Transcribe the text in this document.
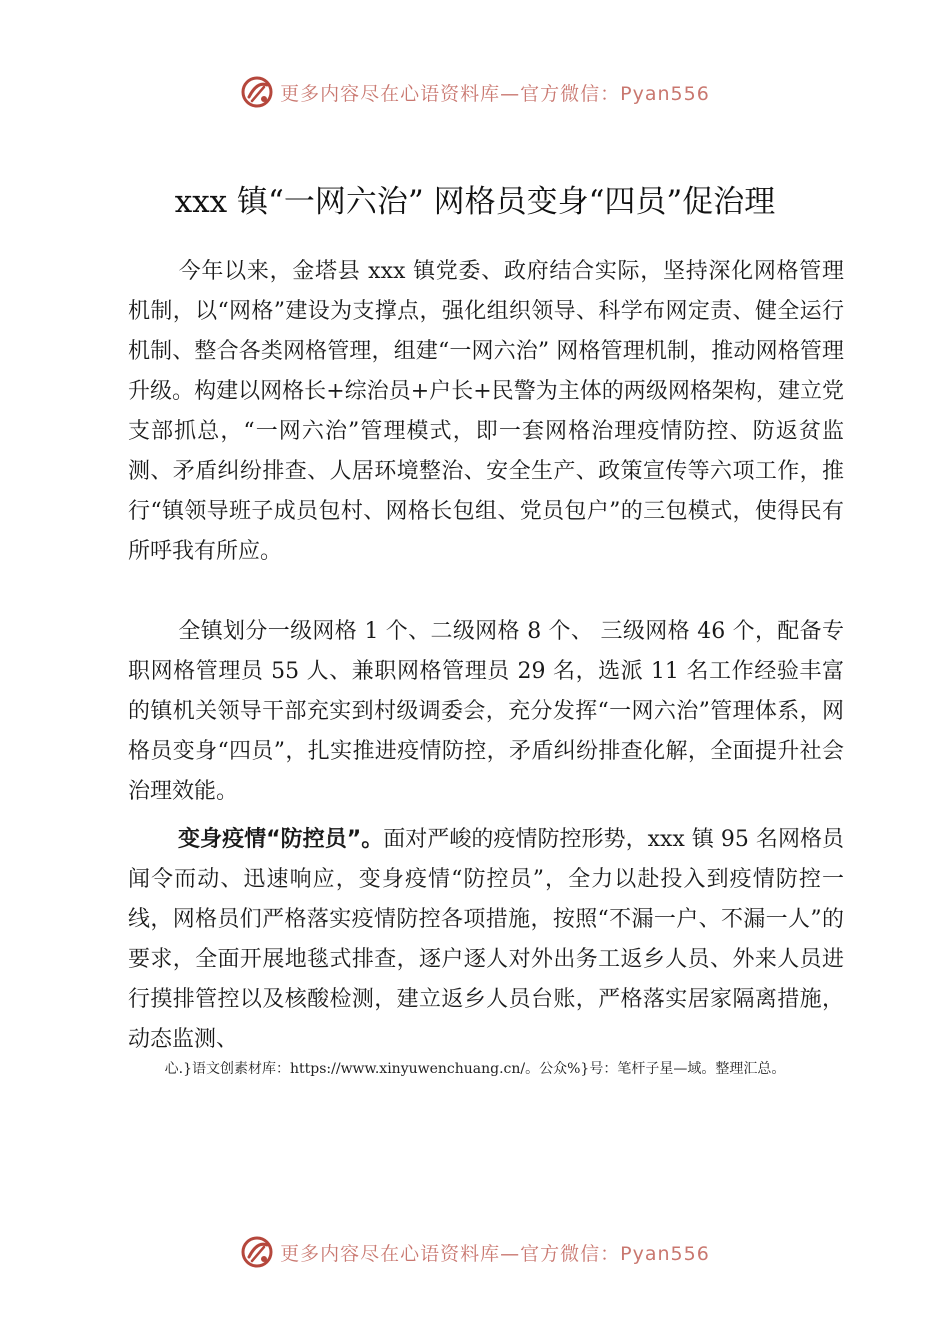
更多内容尽在心语资料库—官方微信：Pyan556
xxx 镇“一网六治” 网格员变身“四员”促治理

今年以来，金塔县 xxx 镇党委、政府结合实际，坚持深化网格管理机制，以“网格”建设为支撑点，强化组织领导、科学布网定责、健全运行机制、整合各类网格管理，组建“一网六治” 网格管理机制，推动网格管理升级。构建以网格长+综治员+户长+民警为主体的两级网格架构，建立党支部抓总，“一网六治”管理模式，即一套网格治理疫情防控、防返贫监测、矛盾纠纷排查、人居环境整治、安全生产、政策宣传等六项工作，推行“镇领导班子成员包村、网格长包组、党员包户”的三包模式，使得民有所呼我有所应。

全镇划分一级网格 1 个、二级网格 8 个、 三级网格 46 个，配备专职网格管理员 55 人、兼职网格管理员 29 名，选派 11 名工作经验丰富的镇机关领导干部充实到村级调委会，充分发挥“一网六治”管理体系，网格员变身“四员”，扎实推进疫情防控，矛盾纠纷排查化解，全面提升社会治理效能。

变身疫情“防控员”。面对严峻的疫情防控形势，xxx 镇 95 名网格员闻令而动、迅速响应，变身疫情“防控员”，全力以赴投入到疫情防控一线，网格员们严格落实疫情防控各项措施，按照“不漏一户、不漏一人”的要求，全面开展地毯式排查，逐户逐人对外出务工返乡人员、外来人员进行摸排管控以及核酸检测，建立返乡人员台账，严格落实居家隔离措施，动态监测、

心.}语文创素材库：https://www.xinyuwenchuang.cn/。公众%}号：笔杆子星—域。整理汇总。
更多内容尽在心语资料库—官方微信：Pyan556
